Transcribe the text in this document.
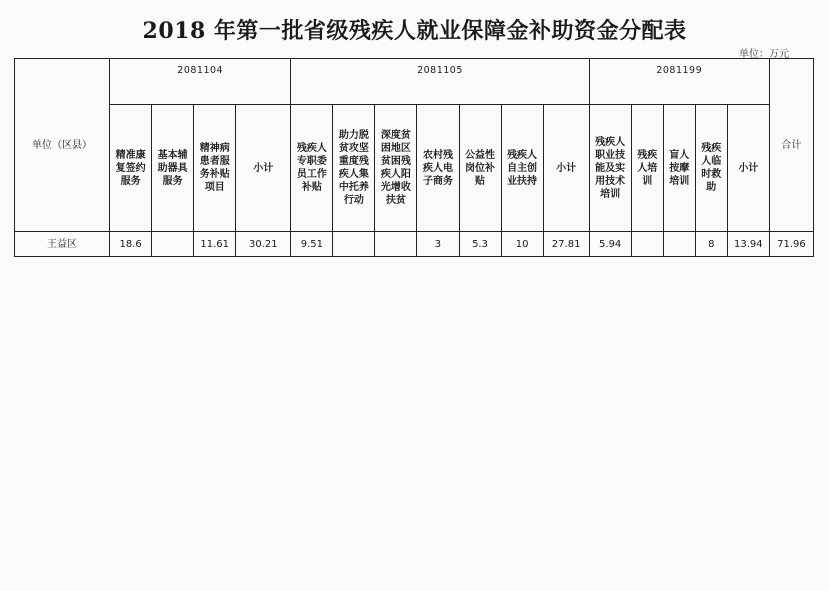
2018 年第一批省级残疾人就业保障金补助资金分配表
单位：万元
单位（区县）	2081104				2081105							2081199					合计
	精准康复签约服务	基本辅助器具服务	精神病患者服务补贴项目	小计	残疾人专职委员工作补贴	助力脱贫攻坚重度残疾人集中托养行动	深度贫困地区贫困残疾人阳光增收扶贫	农村残疾人电子商务	公益性岗位补贴	残疾人自主创业扶持	小计	残疾人职业技能及实用技术培训	残疾人培训	盲人按摩培训	残疾人临时救助	小计	
王益区	18.6		11.61	30.21	9.51			3	5.3	10	27.81	5.94			8	13.94	71.96
